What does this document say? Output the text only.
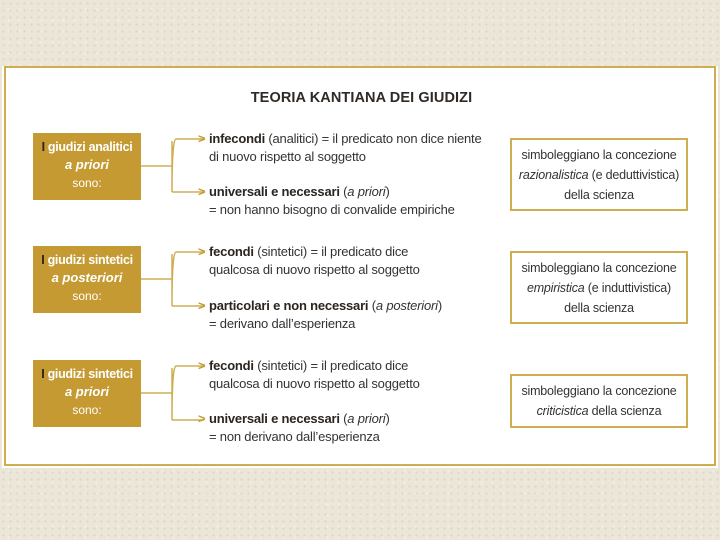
TEORIA KANTIANA DEI GIUDIZI
I giudizi analitici
a priori
sono:
> infecondi (analitici) = il predicato non dice niente
di nuovo rispetto al soggetto
> universali e necessari (a priori)
= non hanno bisogno di convalide empiriche
simboleggiano la concezione
razionalistica (e deduttivistica)
della scienza
I giudizi sintetici
a posteriori
sono:
> fecondi (sintetici) = il predicato dice
qualcosa di nuovo rispetto al soggetto
> particolari e non necessari (a posteriori)
= derivano dall’esperienza
simboleggiano la concezione
empiristica (e induttivistica)
della scienza
I giudizi sintetici
a priori
sono:
> fecondi (sintetici) = il predicato dice
qualcosa di nuovo rispetto al soggetto
> universali e necessari (a priori)
= non derivano dall’esperienza
simboleggiano la concezione
criticistica della scienza
